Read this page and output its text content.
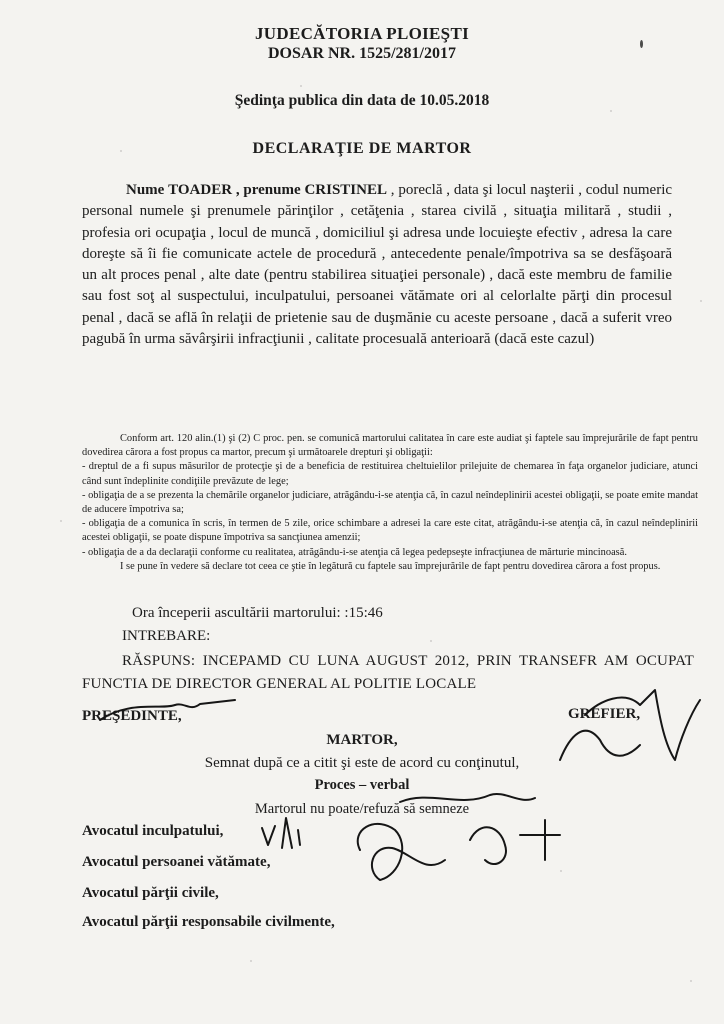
JUDECĂTORIA PLOIEŞTI
DOSAR NR. 1525/281/2017
Şedinţa publica din data de 10.05.2018
DECLARAŢIE DE MARTOR
Nume TOADER , prenume CRISTINEL , poreclă , data şi locul naşterii , codul numeric personal numele şi prenumele părinţilor , cetăţenia , starea civilă , situaţia militară , studii , profesia ori ocupaţia , locul de muncă , domiciliul şi adresa unde locuieşte efectiv , adresa la care doreşte să îi fie comunicate actele de procedură , antecedente penale/împotriva sa se desfăşoară un alt proces penal , alte date (pentru stabilirea situaţiei personale) , dacă este membru de familie sau fost soţ al suspectului, inculpatului, persoanei vătămate ori al celorlalte părţi din procesul penal , dacă se află în relaţii de prietenie sau de duşmănie cu aceste persoane , dacă a suferit vreo pagubă în urma săvârşirii infracţiunii , calitate procesuală anterioară (dacă este cazul)

Conform art. 120 alin.(1) şi (2) C proc. pen. se comunică martorului calitatea în care este audiat şi faptele sau împrejurările de fapt pentru dovedirea cărora a fost propus ca martor, precum şi următoarele drepturi şi obligaţii:

- dreptul de a fi supus măsurilor de protecţie şi de a beneficia de restituirea cheltuielilor prilejuite de chemarea în faţa organelor judiciare, atunci când sunt îndeplinite condiţiile prevăzute de lege;

- obligaţia de a se prezenta la chemările organelor judiciare, atrăgându-i-se atenţia că, în cazul neîndeplinirii acestei obligaţii, se poate emite mandat de aducere împotriva sa;

- obligaţia de a comunica în scris, în termen de 5 zile, orice schimbare a adresei la care este citat, atrăgându-i-se atenţia că, în cazul neîndeplinirii acestei obligaţii, se poate dispune împotriva sa sancţiunea amenzii;

- obligaţia de a da declaraţii conforme cu realitatea, atrăgându-i-se atenţia că legea pedepseşte infracţiunea de mărturie mincinoasă.

I se pune în vedere să declare tot ceea ce ştie în legătură cu faptele sau împrejurările de fapt pentru dovedirea cărora a fost propus.

Ora începerii ascultării martorului: :15:46
INTREBARE:
RĂSPUNS: INCEPAMD CU LUNA AUGUST 2012, PRIN TRANSEFR AM OCUPAT FUNCTIA DE DIRECTOR GENERAL AL POLITIE LOCALE
PREŞEDINTE,	GREFIER,
MARTOR,
Semnat după ce a citit şi este de acord cu conţinutul,
Proces – verbal
Martorul nu poate/refuză să semneze
Avocatul inculpatului,
Avocatul persoanei vătămate,
Avocatul părţii civile,
Avocatul părţii responsabile civilmente,
